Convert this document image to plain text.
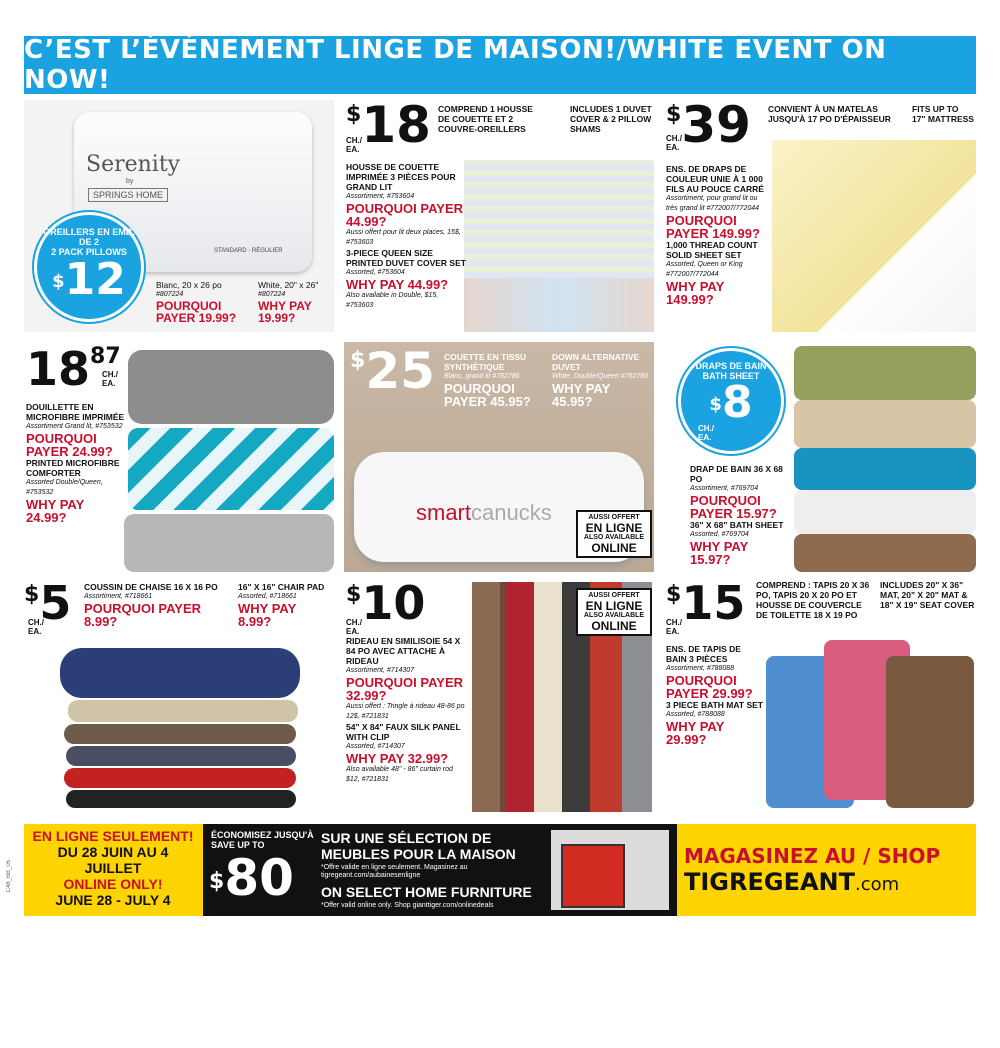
C’EST L’ÉVÉNEMENT LINGE DE MAISON!/WHITE EVENT ON NOW!
Serenity
by
SPRINGS HOME
STANDARD · RÉGULIER
OREILLERS EN EMB. DE 2
2 PACK PILLOWS
$12	Blanc, 20 x 26 po
#807224
POURQUOI PAYER 19.99?
White, 20" x 26"
#807224
WHY PAY 19.99?
$18
CH./ EA.
COMPREND 1 HOUSSE DE COUETTE ET 2 COUVRE-OREILLERS
INCLUDES 1 DUVET COVER & 2 PILLOW SHAMS
HOUSSE DE COUETTE IMPRIMÉE 3 PIÈCES POUR GRAND LIT
Assortiment, #753604
POURQUOI PAYER 44.99?
Aussi offert pour lit deux places, 15$, #753603
3-PIECE QUEEN SIZE PRINTED DUVET COVER SET
Assorted, #753604
WHY PAY 44.99?
Also available in Double, $15, #753603
$39
CH./ EA.
CONVIENT À UN MATELAS JUSQU'À 17 PO D'ÉPAISSEUR
FITS UP TO 17" MATTRESS
ENS. DE DRAPS DE COULEUR UNIE À 1 000 FILS AU POUCE CARRÉ
Assortiment, pour grand lit ou très grand lit #772007/772044
POURQUOI PAYER 149.99?
1,000 THREAD COUNT SOLID SHEET SET
Assorted, Queen or King #772007/772044
WHY PAY 149.99?
$18^{87}$
CH./ EA.
DOUILLETTE EN MICROFIBRE IMPRIMÉE
Assortiment Grand lit, #753532
POURQUOI PAYER 24.99?
PRINTED MICROFIBRE COMFORTER
Assorted Double/Queen, #753532
WHY PAY 24.99?
$25 COUETTE EN TISSU SYNTHÉTIQUE
Blanc, grand lit #782786
POURQUOI PAYER 45.95?
DOWN ALTERNATIVE DUVET
White, Double/Queen #782786
WHY PAY 45.95?
smartcanucks	AUSSI OFFERT
EN LIGNE
ALSO AVAILABLE
ONLINE
DRAPS DE BAIN
BATH SHEET
$8
CH./ EA.
DRAP DE BAIN 36 X 68 PO
Assortiment, #769704
POURQUOI PAYER 15.97?
36" X 68" BATH SHEET
Assorted, #769704
WHY PAY 15.97?
$5
CH./ EA.
COUSSIN DE CHAISE 16 X 16 PO
Assortiment, #718661
POURQUOI PAYER 8.99?
16" X 16" CHAIR PAD
Assorted, #718661
WHY PAY 8.99?
$10
CH./ EA.
AUSSI OFFERT
EN LIGNE
ALSO AVAILABLE
ONLINE
RIDEAU EN SIMILISOIE 54 X 84 PO AVEC ATTACHE À RIDEAU
Assortiment, #714307
POURQUOI PAYER 32.99?
Aussi offert : Tringle à rideau 48-86 po 12$, #721831
54" X 84" FAUX SILK PANEL WITH CLIP
Assorted, #714307
WHY PAY 32.99?
Also available 48" - 86" curtain rod $12, #721831
$15
CH./ EA.
COMPREND : TAPIS 20 X 36 PO, TAPIS 20 X 20 PO ET HOUSSE DE COUVERCLE DE TOILETTE 18 X 19 PO
INCLUDES 20" X 36" MAT, 20" X 20" MAT & 18" X 19" SEAT COVER
ENS. DE TAPIS DE BAIN 3 PIÈCES
Assortiment, #788088
POURQUOI PAYER 29.99?
3 PIECE BATH MAT SET
Assorted, #788088
WHY PAY 29.99?
C48_BB_05
EN LIGNE SEULEMENT!
DU 28 JUIN AU 4 JUILLET
ONLINE ONLY!
JUNE 28 - JULY 4
ÉCONOMISEZ JUSQU'À
SAVE UP TO
$80
SUR UNE SÉLECTION DE MEUBLES POUR LA MAISON
*Offre valide en ligne seulement. Magasinez au tigregeant.com/aubainesenligne
ON SELECT HOME FURNITURE
*Offer valid online only. Shop gianttiger.com/onlinedeals
MAGASINEZ AU / SHOP
TIGREGEANT.com
